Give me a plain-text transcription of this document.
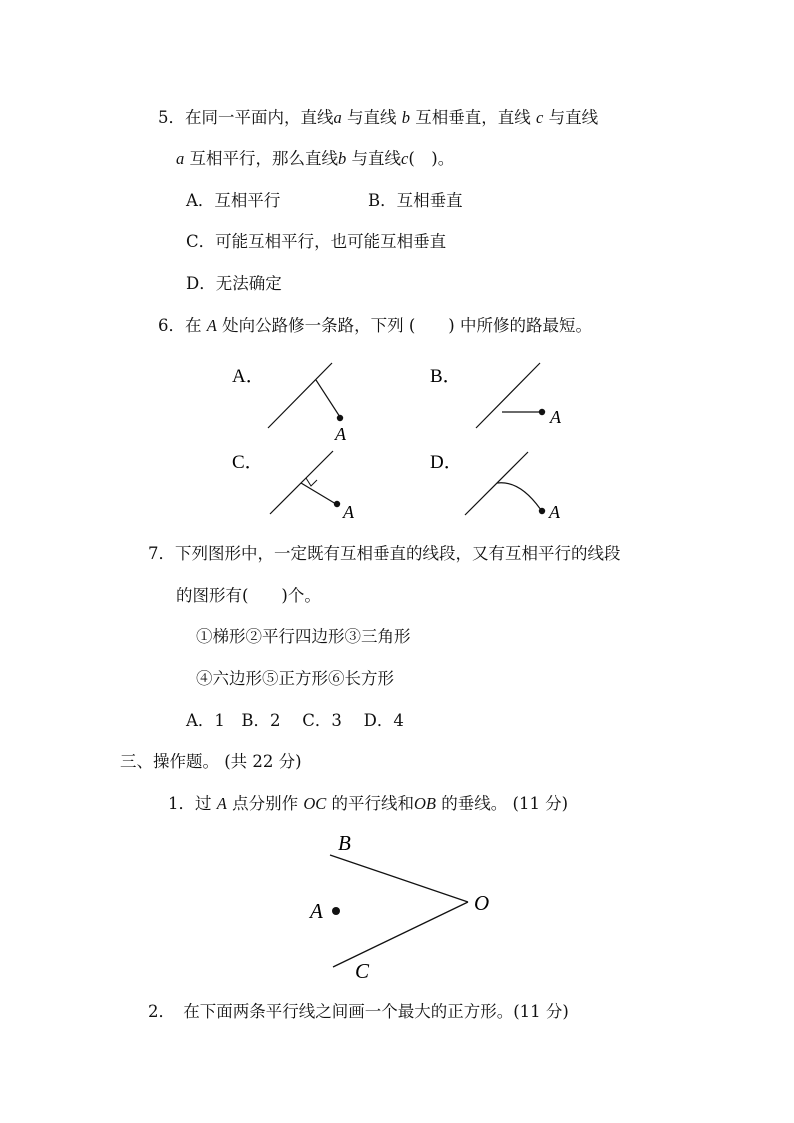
5．在同一平面内，直线a 与直线 b 互相垂直，直线 c 与直线
a 互相平行，那么直线b 与直线c(　)。
A．互相平行	B．互相垂直
C．可能互相平行，也可能互相垂直
D．无法确定
6．在 A 处向公路修一条路，下列 (　　) 中所修的路最短。
A．
A
B．
A
C．
A
D．
A
7．下列图形中，一定既有互相垂直的线段，又有互相平行的线段
的图形有(　　)个。
①梯形②平行四边形③三角形
④六边形⑤正方形⑥长方形
A．1　B．2　 C．3　 D．4
三、操作题。 (共 22 分)
1．过 A 点分别作 OC 的平行线和OB 的垂线。 (11 分)
B
O
C
A
2．　在下面两条平行线之间画一个最大的正方形。(11 分)
